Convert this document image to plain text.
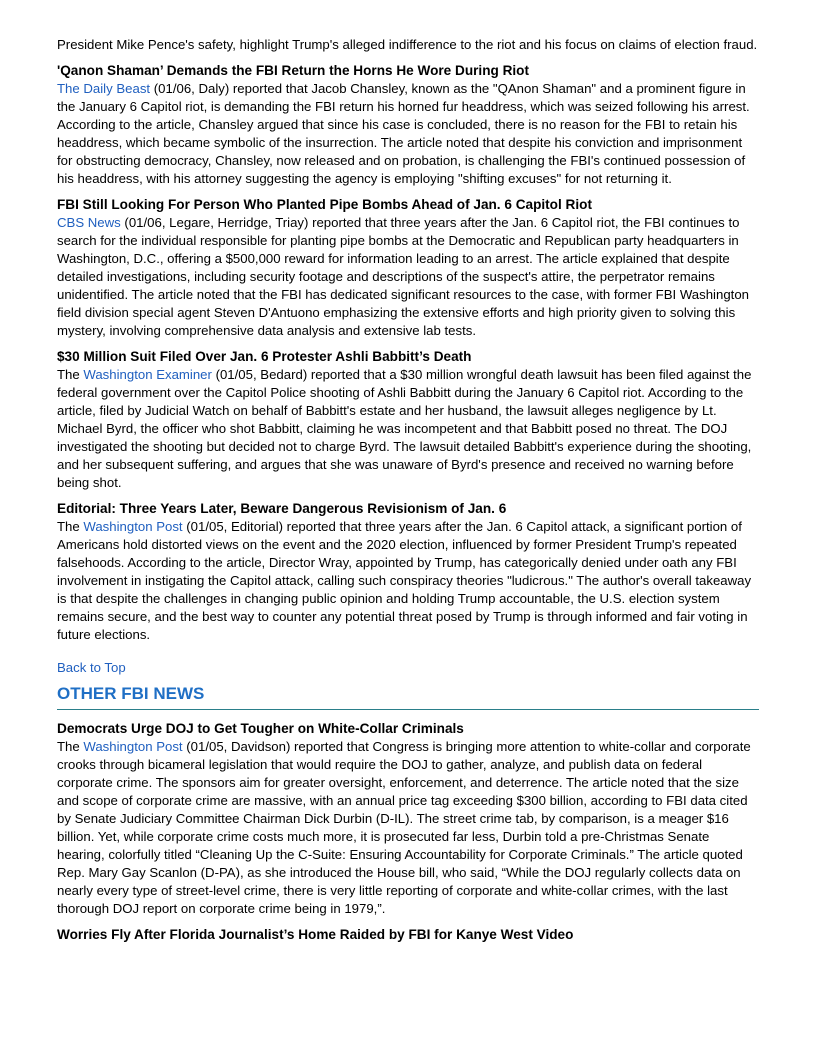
President Mike Pence's safety, highlight Trump's alleged indifference to the riot and his focus on claims of election fraud.

'Qanon Shaman’ Demands the FBI Return the Horns He Wore During Riot

The Daily Beast (01/06, Daly) reported that Jacob Chansley, known as the "QAnon Shaman" and a prominent figure in the January 6 Capitol riot, is demanding the FBI return his horned fur headdress, which was seized following his arrest. According to the article, Chansley argued that since his case is concluded, there is no reason for the FBI to retain his headdress, which became symbolic of the insurrection. The article noted that despite his conviction and imprisonment for obstructing democracy, Chansley, now released and on probation, is challenging the FBI's continued possession of his headdress, with his attorney suggesting the agency is employing "shifting excuses" for not returning it.

FBI Still Looking For Person Who Planted Pipe Bombs Ahead of Jan. 6 Capitol Riot

CBS News (01/06, Legare, Herridge, Triay) reported that three years after the Jan. 6 Capitol riot, the FBI continues to search for the individual responsible for planting pipe bombs at the Democratic and Republican party headquarters in Washington, D.C., offering a $500,000 reward for information leading to an arrest. The article explained that despite detailed investigations, including security footage and descriptions of the suspect's attire, the perpetrator remains unidentified. The article noted that the FBI has dedicated significant resources to the case, with former FBI Washington field division special agent Steven D'Antuono emphasizing the extensive efforts and high priority given to solving this mystery, involving comprehensive data analysis and extensive lab tests.

$30 Million Suit Filed Over Jan. 6 Protester Ashli Babbitt’s Death

The Washington Examiner (01/05, Bedard) reported that a $30 million wrongful death lawsuit has been filed against the federal government over the Capitol Police shooting of Ashli Babbitt during the January 6 Capitol riot. According to the article, filed by Judicial Watch on behalf of Babbitt's estate and her husband, the lawsuit alleges negligence by Lt. Michael Byrd, the officer who shot Babbitt, claiming he was incompetent and that Babbitt posed no threat. The DOJ investigated the shooting but decided not to charge Byrd. The lawsuit detailed Babbitt's experience during the shooting, and her subsequent suffering, and argues that she was unaware of Byrd's presence and received no warning before being shot.

Editorial: Three Years Later, Beware Dangerous Revisionism of Jan. 6

The Washington Post (01/05, Editorial) reported that three years after the Jan. 6 Capitol attack, a significant portion of Americans hold distorted views on the event and the 2020 election, influenced by former President Trump's repeated falsehoods. According to the article, Director Wray, appointed by Trump, has categorically denied under oath any FBI involvement in instigating the Capitol attack, calling such conspiracy theories "ludicrous." The author's overall takeaway is that despite the challenges in changing public opinion and holding Trump accountable, the U.S. election system remains secure, and the best way to counter any potential threat posed by Trump is through informed and fair voting in future elections.

Back to Top
OTHER FBI NEWS

Democrats Urge DOJ to Get Tougher on White-Collar Criminals

The Washington Post (01/05, Davidson) reported that Congress is bringing more attention to white-collar and corporate crooks through bicameral legislation that would require the DOJ to gather, analyze, and publish data on federal corporate crime. The sponsors aim for greater oversight, enforcement, and deterrence. The article noted that the size and scope of corporate crime are massive, with an annual price tag exceeding $300 billion, according to FBI data cited by Senate Judiciary Committee Chairman Dick Durbin (D-IL). The street crime tab, by comparison, is a meager $16 billion. Yet, while corporate crime costs much more, it is prosecuted far less, Durbin told a pre-Christmas Senate hearing, colorfully titled “Cleaning Up the C-Suite: Ensuring Accountability for Corporate Criminals.” The article quoted Rep. Mary Gay Scanlon (D-PA), as she introduced the House bill, who said, “While the DOJ regularly collects data on nearly every type of street-level crime, there is very little reporting of corporate and white-collar crimes, with the last thorough DOJ report on corporate crime being in 1979,”.

Worries Fly After Florida Journalist’s Home Raided by FBI for Kanye West Video
